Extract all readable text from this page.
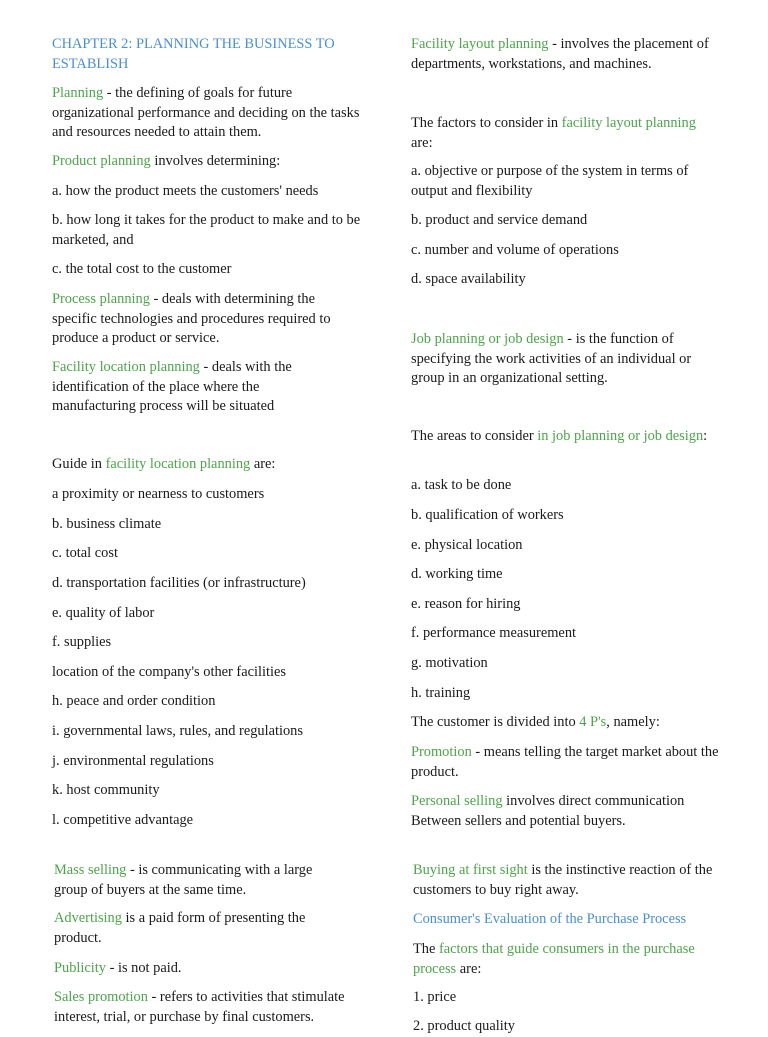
CHAPTER 2: PLANNING THE BUSINESS TO ESTABLISH

Planning - the defining of goals for future organizational performance and deciding on the tasks and resources needed to attain them.

Product planning involves determining:

a. how the product meets the customers' needs

b. how long it takes for the product to make and to be marketed, and

c. the total cost to the customer

Process planning - deals with determining the specific technologies and procedures required to produce a product or service.

Facility location planning - deals with the identification of the place where the manufacturing process will be situated

Guide in facility location planning are:

a proximity or nearness to customers

b. business climate

c. total cost

d. transportation facilities (or infrastructure)

e. quality of labor

f. supplies

location of the company's other facilities

h. peace and order condition

i. governmental laws, rules, and regulations

j. environmental regulations

k. host community

l. competitive advantage

Mass selling - is communicating with a large group of buyers at the same time.

Advertising is a paid form of presenting the product.

Publicity - is not paid.

Sales promotion - refers to activities that stimulate interest, trial, or purchase by final customers.

Facility layout planning - involves the placement of departments, workstations, and machines.

The factors to consider in facility layout planning are:

a. objective or purpose of the system in terms of output and flexibility

b. product and service demand

c. number and volume of operations

d. space availability

Job planning or job design - is the function of specifying the work activities of an individual or group in an organizational setting.

The areas to consider in job planning or job design:

a. task to be done

b. qualification of workers

e. physical location

d. working time

e. reason for hiring

f. performance measurement

g. motivation

h. training

The customer is divided into 4 P's, namely:

Promotion - means telling the target market about the product.

Personal selling involves direct communication Between sellers and potential buyers.

Buying at first sight is the instinctive reaction of the customers to buy right away.

Consumer's Evaluation of the Purchase Process

The factors that guide consumers in the purchase process are:

1. price

2. product quality
